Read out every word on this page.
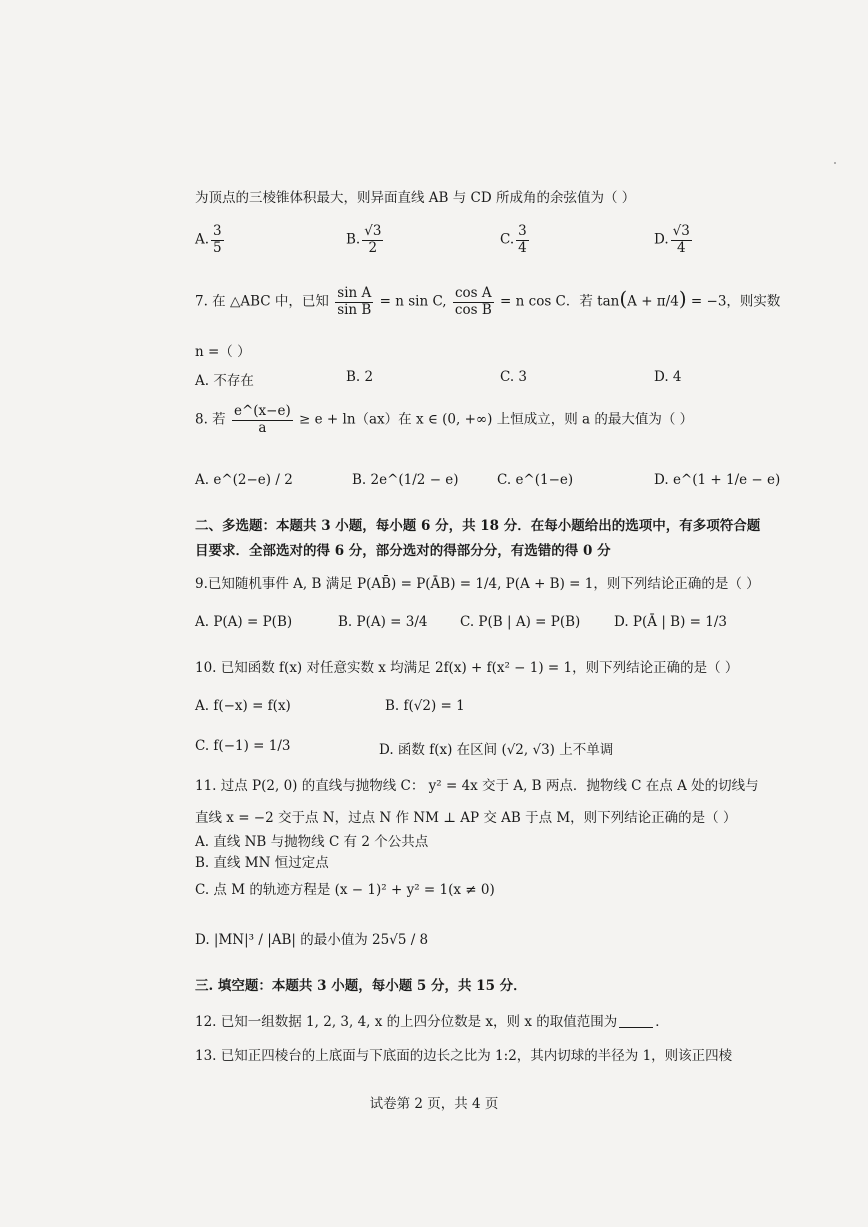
为顶点的三棱锥体积最大，则异面直线 AB 与 CD 所成角的余弦值为（ ）
A. $\frac{3}{5}$	B. $\frac{√3}{2}$	C. $\frac{3}{4}$	D. $\frac{√3}{4}$
7. 在 △ABC 中，已知 $\frac{\text{sin A}}{\text{sin B}} = n$ sin C, $\frac{\text{cos A}}{\text{cos B}} = n$ cos C．若 tan(A + π/4) = −3，则实数
n =（ ）
A. 不存在	B. 2	C. 3	D. 4
8. 若 $\frac{e\^{}(x-e)}{a} \ge e + \ln(ax)$在 x ∈ (0, +∞) 上恒成立，则 a 的最大值为（ ）
A. e^(2−e) / 2	B. 2e^(1/2 − e)	C. e^(1−e)	D. e^(1 + 1/e − e)
二、多选题：本题共 3 小题，每小题 6 分，共 18 分．在每小题给出的选项中，有多项符合题
目要求．全部选对的得 6 分，部分选对的得部分分，有选错的得 0 分
9.已知随机事件 A, B 满足 P(AB̄) = P(ĀB) = 1/4, P(A + B) = 1，则下列结论正确的是（ ）
A. P(A) = P(B)	B. P(A) = 3/4 C. P(B | A) = P(B) D. P(Ā | B) = 1/3
10. 已知函数 f(x) 对任意实数 x 均满足 2f(x) + f(x² − 1) = 1，则下列结论正确的是（ ）
A. f(−x) = f(x)	B. f(√2) = 1
C. f(−1) = 1/3	D. 函数 f(x) 在区间 (√2, √3) 上不单调
11. 过点 P(2, 0) 的直线与抛物线 C： y² = 4x 交于 A, B 两点．抛物线 C 在点 A 处的切线与
直线 x = −2 交于点 N，过点 N 作 NM ⊥ AP 交 AB 于点 M，则下列结论正确的是（ ）
A. 直线 NB 与抛物线 C 有 2 个公共点
B. 直线 MN 恒过定点
C. 点 M 的轨迹方程是 (x − 1)² + y² = 1(x ≠ 0)
D. |MN|³ / |AB| 的最小值为 25√5 / 8
三. 填空题：本题共 3 小题，每小题 5 分，共 15 分．
12. 已知一组数据 1, 2, 3, 4, x 的上四分位数是 x，则 x 的取值范围为	．
13. 已知正四棱台的上底面与下底面的边长之比为 1:2，其内切球的半径为 1，则该正四棱
试卷第 2 页，共 4 页
